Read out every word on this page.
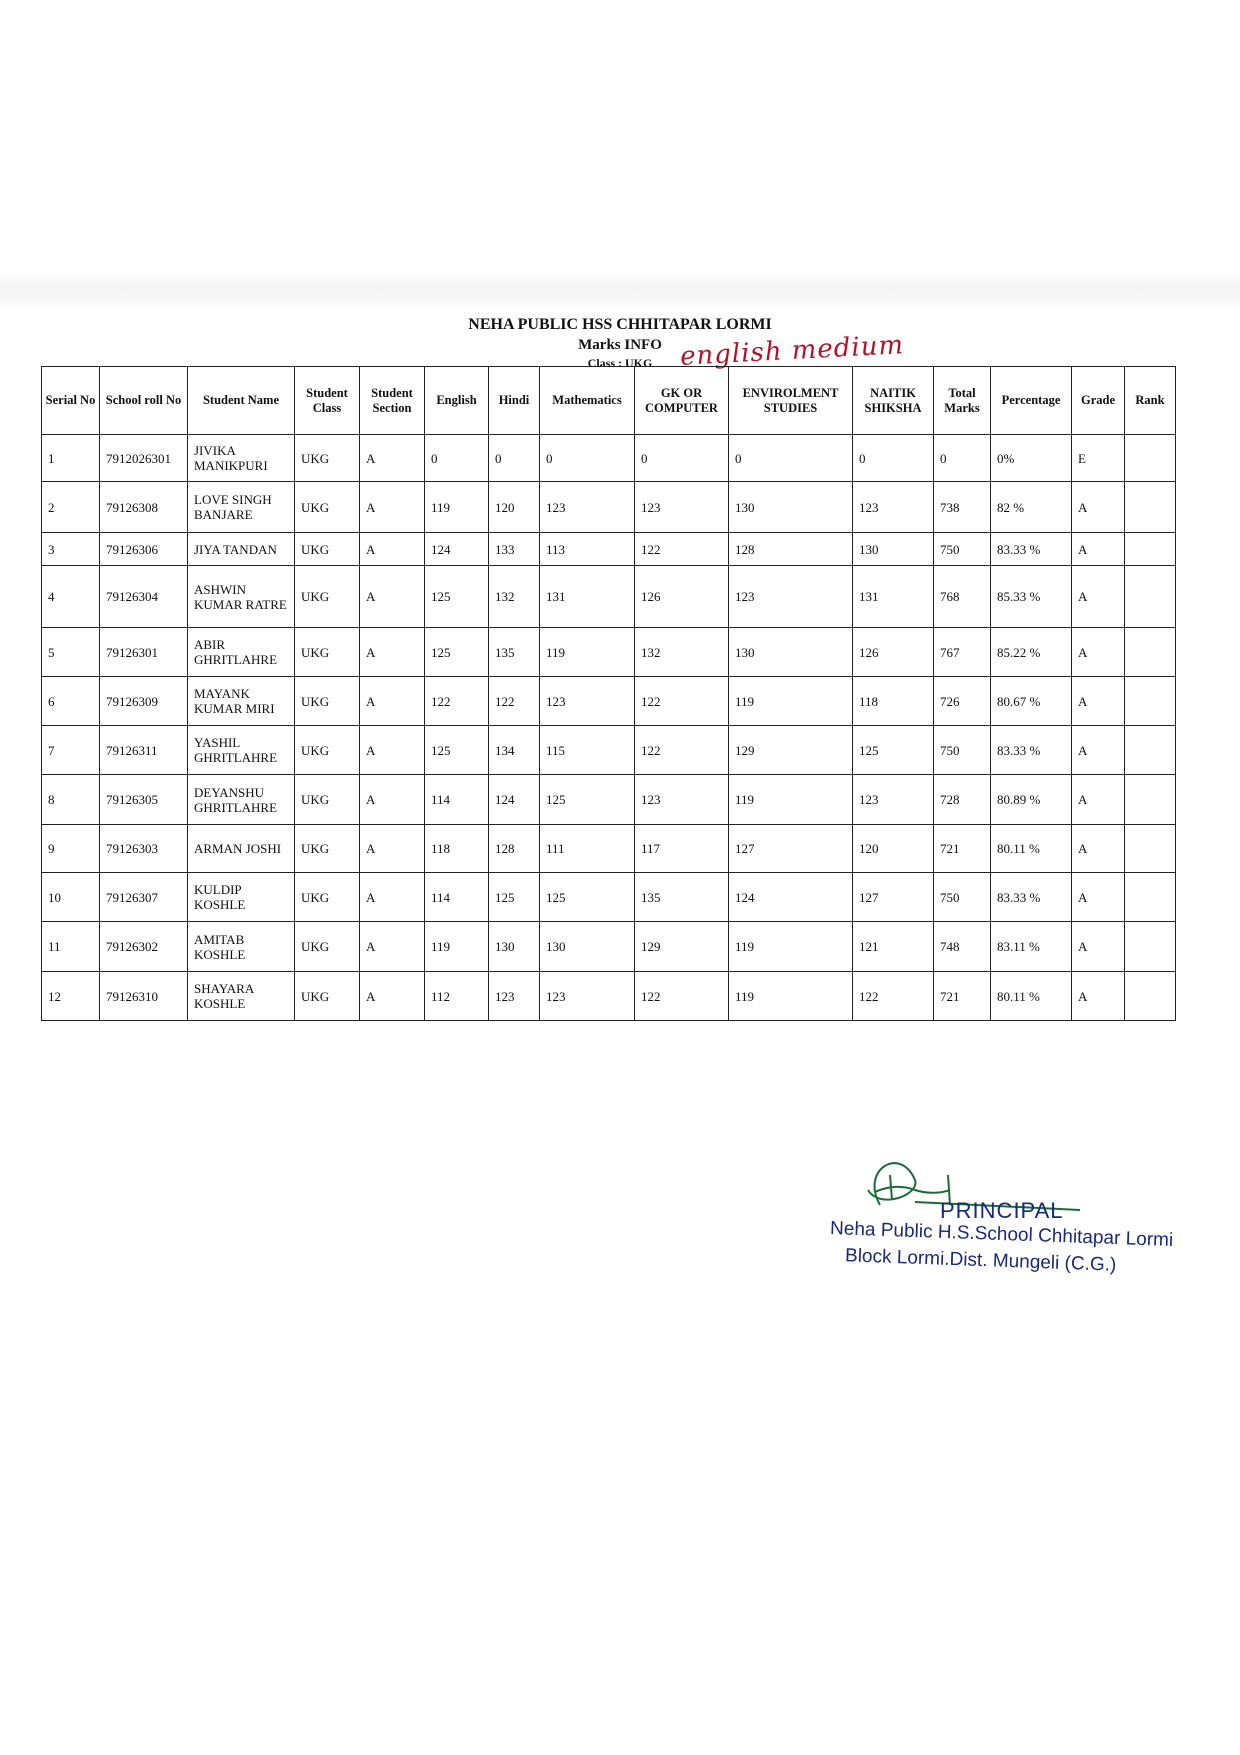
NEHA PUBLIC HSS CHHITAPAR LORMI
Marks INFO
Class : UKG	english medium
Serial No	School roll No	Student Name	Student Class	Student Section	English	Hindi	Mathematics	GK OR COMPUTER	ENVIROLMENT STUDIES	NAITIK SHIKSHA	Total Marks	Percentage	Grade	Rank
1	7912026301	JIVIKA MANIKPURI	UKG	A	0	0	0	0	0	0	0	0%	E	
2	79126308	LOVE SINGH BANJARE	UKG	A	119	120	123	123	130	123	738	82 %	A	
3	79126306	JIYA TANDAN	UKG	A	124	133	113	122	128	130	750	83.33 %	A	
4	79126304	ASHWIN KUMAR RATRE	UKG	A	125	132	131	126	123	131	768	85.33 %	A	
5	79126301	ABIR GHRITLAHRE	UKG	A	125	135	119	132	130	126	767	85.22 %	A	
6	79126309	MAYANK KUMAR MIRI	UKG	A	122	122	123	122	119	118	726	80.67 %	A	
7	79126311	YASHIL GHRITLAHRE	UKG	A	125	134	115	122	129	125	750	83.33 %	A	
8	79126305	DEYANSHU GHRITLAHRE	UKG	A	114	124	125	123	119	123	728	80.89 %	A	
9	79126303	ARMAN JOSHI	UKG	A	118	128	111	117	127	120	721	80.11 %	A	
10	79126307	KULDIP KOSHLE	UKG	A	114	125	125	135	124	127	750	83.33 %	A	
11	79126302	AMITAB KOSHLE	UKG	A	119	130	130	129	119	121	748	83.11 %	A	
12	79126310	SHAYARA KOSHLE	UKG	A	112	123	123	122	119	122	721	80.11 %	A	
PRINCIPAL
Neha Public H.S.School Chhitapar Lormi
Block Lormi.Dist. Mungeli (C.G.)
